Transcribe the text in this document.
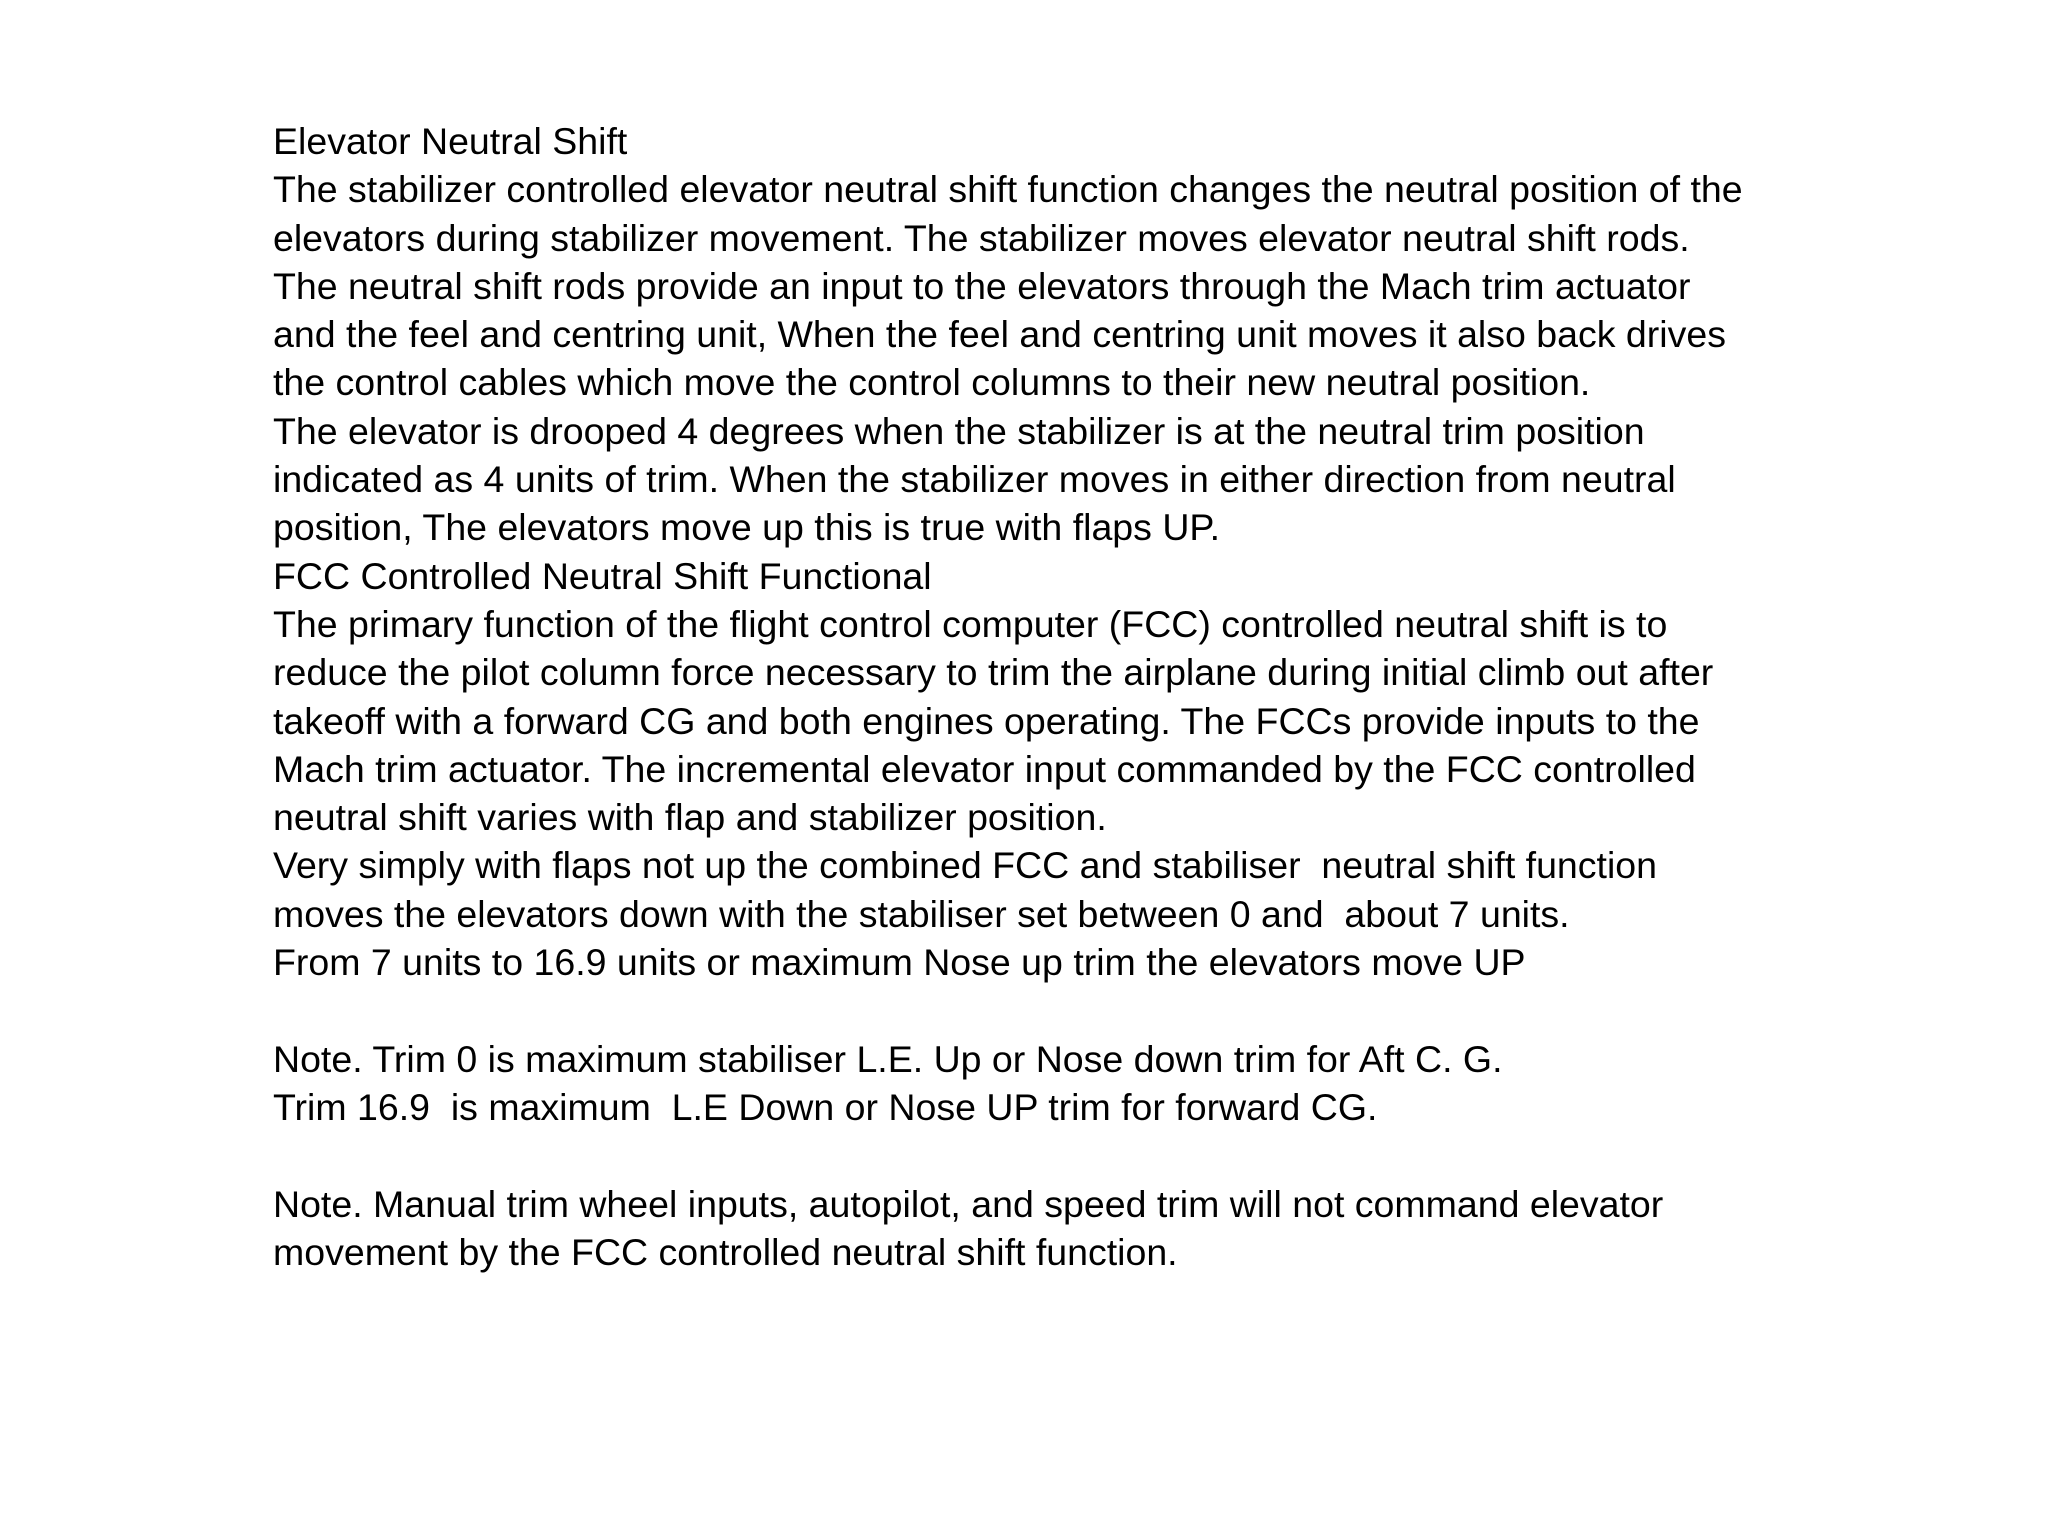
Elevator Neutral Shift
The stabilizer controlled elevator neutral shift function changes the neutral position of the
elevators during stabilizer movement. The stabilizer moves elevator neutral shift rods.
The neutral shift rods provide an input to the elevators through the Mach trim actuator
and the feel and centring unit, When the feel and centring unit moves it also back drives
the control cables which move the control columns to their new neutral position.
The elevator is drooped 4 degrees when the stabilizer is at the neutral trim position
indicated as 4 units of trim. When the stabilizer moves in either direction from neutral
position, The elevators move up this is true with flaps UP.
FCC Controlled Neutral Shift Functional
The primary function of the flight control computer (FCC) controlled neutral shift is to
reduce the pilot column force necessary to trim the airplane during initial climb out after
takeoff with a forward CG and both engines operating. The FCCs provide inputs to the
Mach trim actuator. The incremental elevator input commanded by the FCC controlled
neutral shift varies with flap and stabilizer position.
Very simply with flaps not up the combined FCC and stabiliser  neutral shift function
moves the elevators down with the stabiliser set between 0 and  about 7 units.
From 7 units to 16.9 units or maximum Nose up trim the elevators move UP
Note. Trim 0 is maximum stabiliser L.E. Up or Nose down trim for Aft C. G.
Trim 16.9  is maximum  L.E Down or Nose UP trim for forward CG.
Note. Manual trim wheel inputs, autopilot, and speed trim will not command elevator
movement by the FCC controlled neutral shift function.
